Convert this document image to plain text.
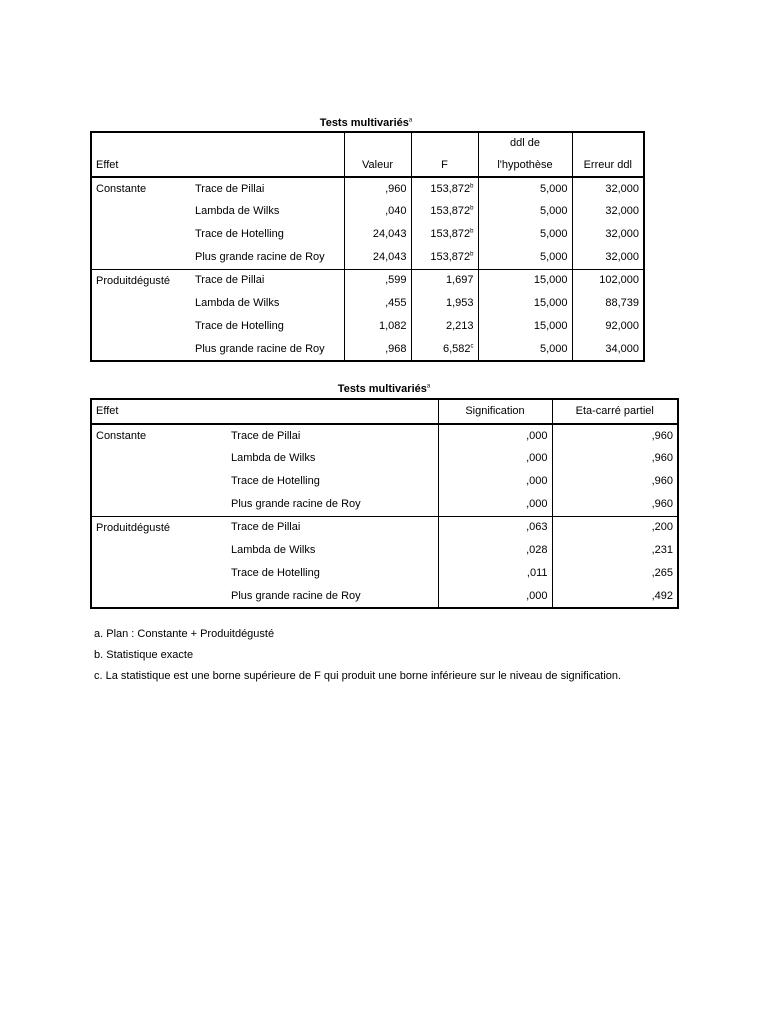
Tests multivariés$^a$
				ddl de	
Effet		Valeur	F	l'hypothèse	Erreur ddl
Constante	Trace de Pillai	,960	153,872$^b$	5,000	32,000
	Lambda de Wilks	,040	153,872$^b$	5,000	32,000
	Trace de Hotelling	24,043	153,872$^b$	5,000	32,000
	Plus grande racine de Roy	24,043	153,872$^b$	5,000	32,000
Produitdégusté	Trace de Pillai	,599	1,697	15,000	102,000
	Lambda de Wilks	,455	1,953	15,000	88,739
	Trace de Hotelling	1,082	2,213	15,000	92,000
	Plus grande racine de Roy	,968	6,582$^c$	5,000	34,000
Tests multivariés$^a$
Effet		Signification	Eta-carré partiel
Constante	Trace de Pillai	,000	,960
	Lambda de Wilks	,000	,960
	Trace de Hotelling	,000	,960
	Plus grande racine de Roy	,000	,960
Produitdégusté	Trace de Pillai	,063	,200
	Lambda de Wilks	,028	,231
	Trace de Hotelling	,011	,265
	Plus grande racine de Roy	,000	,492
a. Plan : Constante + Produitdégusté
b. Statistique exacte
c. La statistique est une borne supérieure de F qui produit une borne inférieure sur le niveau de signification.
